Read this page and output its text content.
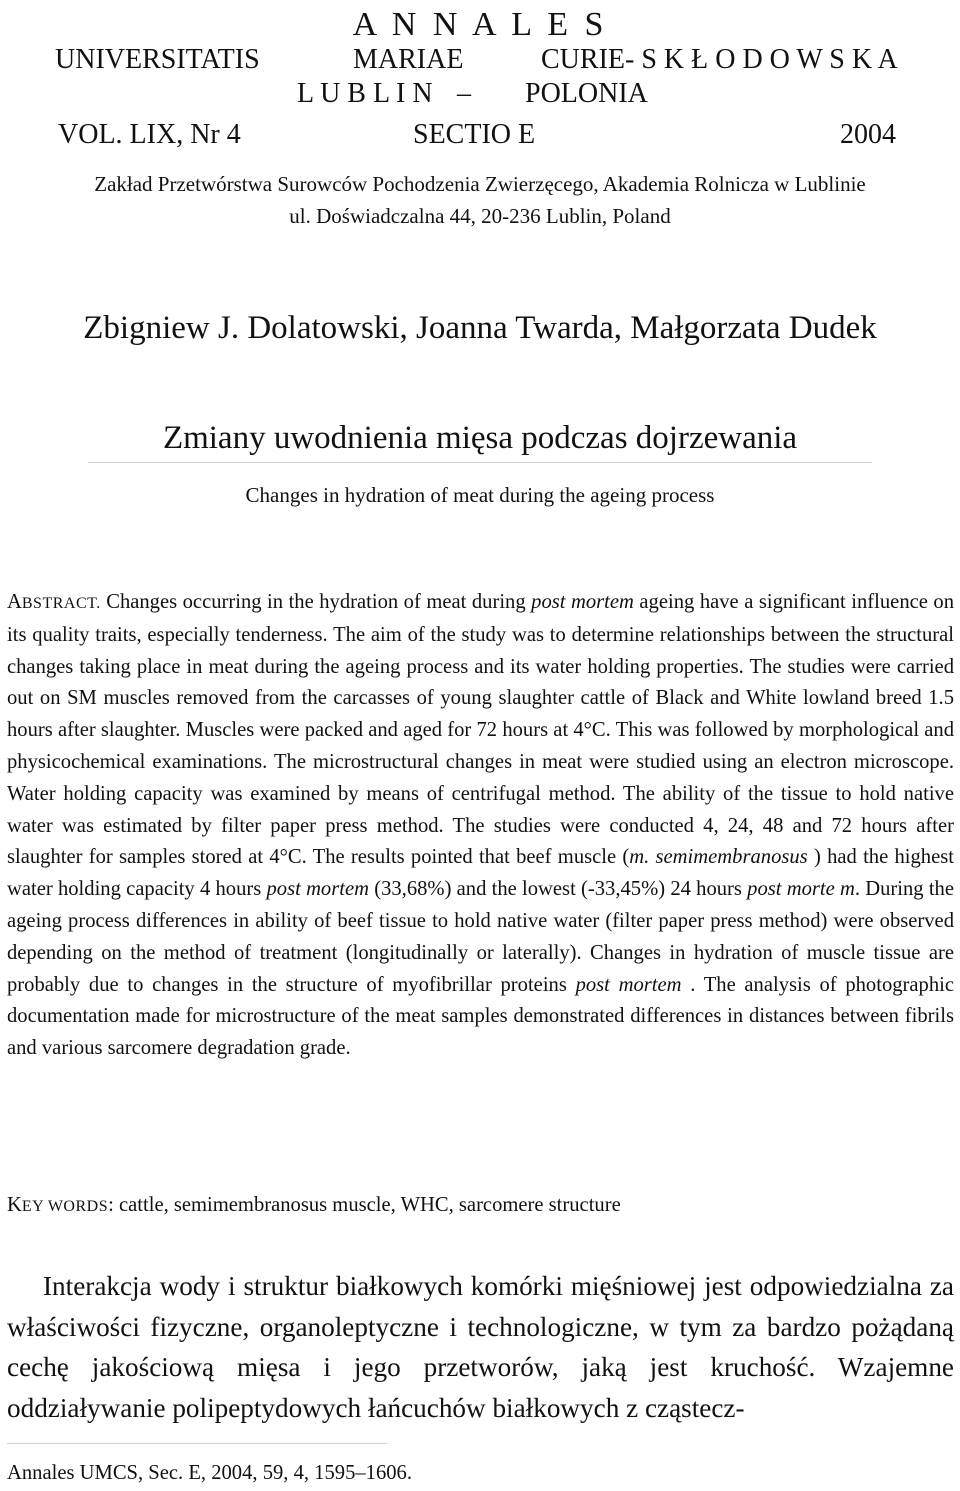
A N N A L E S
UNIVERSITATIS	MARIAE	CURIE- S K Ł O D O W S K A
L U B L I N – POLONIA
VOL. LIX, Nr 4	SECTIO E	2004
Zakład Przetwórstwa Surowców Pochodzenia Zwierzęcego, Akademia Rolnicza w Lublinie
ul. Doświadczalna 44, 20-236 Lublin, Poland
Zbigniew J. Dolatowski, Joanna Twarda, Małgorzata Dudek
Zmiany uwodnienia mięsa podczas dojrzewania
Changes in hydration of meat during the ageing process
ABSTRACT. Changes occurring in the hydration of meat during post mortem ageing have a significant influence on its quality traits, especially tenderness. The aim of the study was to determine relationships between the structural changes taking place in meat during the ageing process and its water holding properties. The studies were carried out on SM muscles removed from the carcasses of young slaughter cattle of Black and White lowland breed 1.5 hours after slaughter. Muscles were packed and aged for 72 hours at 4°C. This was followed by morphological and physicochemical examinations. The microstructural changes in meat were studied using an electron microscope. Water holding capacity was examined by means of centrifugal method. The ability of the tissue to hold native water was estimated by filter paper press method. The studies were conducted 4, 24, 48 and 72 hours after slaughter for samples stored at 4°C. The results pointed that beef muscle (m. semimembranosus ) had the highest water holding capacity 4 hours post mortem (33,68%) and the lowest (-33,45%) 24 hours post morte m. During the ageing process differences in ability of beef tissue to hold native water (filter paper press method) were observed depending on the method of treatment (longitudinally or laterally). Changes in hydration of muscle tissue are probably due to changes in the structure of myofibrillar proteins post mortem . The analysis of photographic documentation made for microstructure of the meat samples demonstrated differences in distances between fibrils and various sarcomere degradation grade.
KEY WORDS: cattle, semimembranosus muscle, WHC, sarcomere structure
Interakcja wody i struktur białkowych komórki mięśniowej jest odpowiedzialna za właściwości fizyczne, organoleptyczne i technologiczne, w tym za bardzo pożądaną cechę jakościową mięsa i jego przetworów, jaką jest kruchość. Wzajemne oddziaływanie polipeptydowych łańcuchów białkowych z cząstecz-
Annales UMCS, Sec. E, 2004, 59, 4, 1595–1606.
